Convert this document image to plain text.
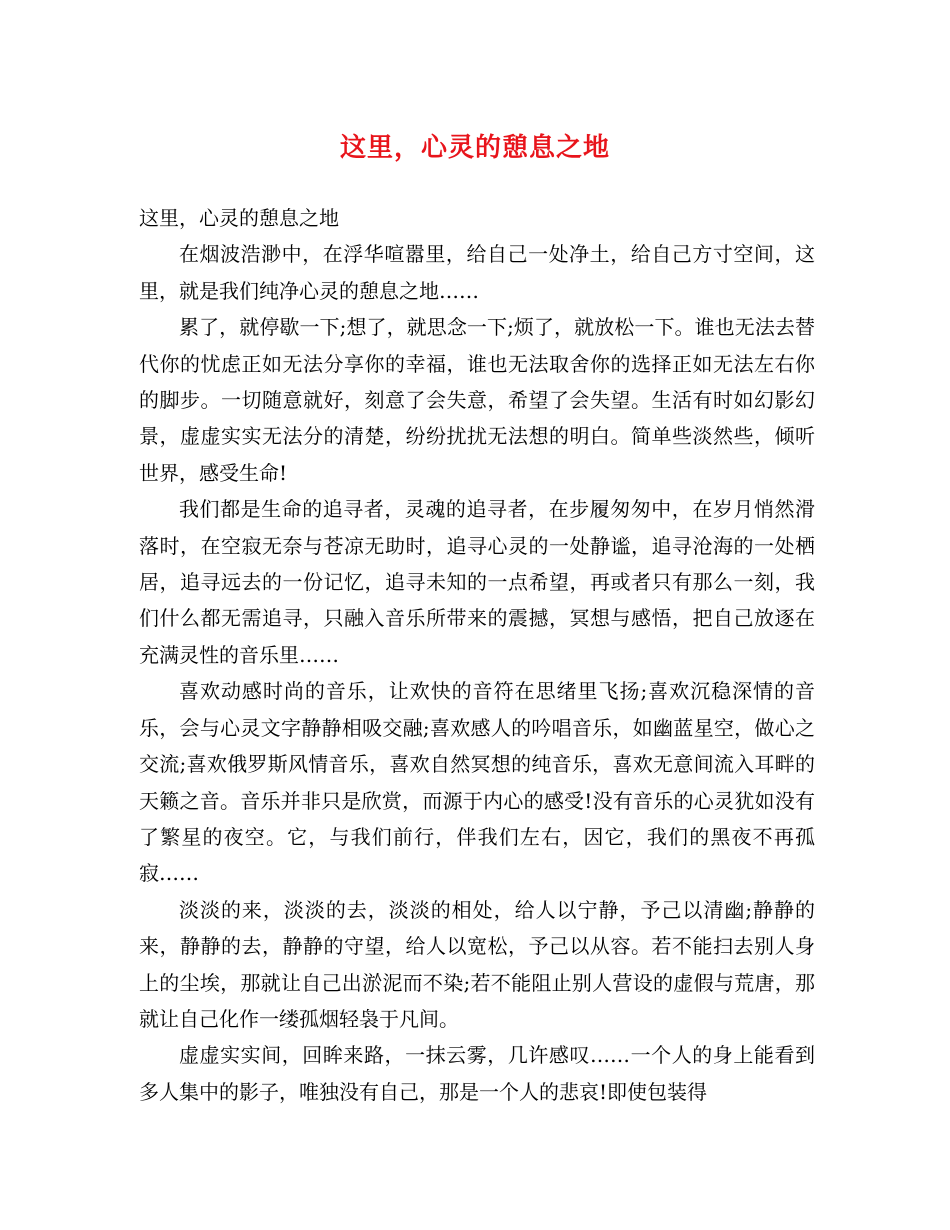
这里，心灵的憩息之地

这里，心灵的憩息之地

在烟波浩渺中，在浮华喧嚣里，给自己一处净土，给自己方寸空间，这里，就是我们纯净心灵的憩息之地……

累了，就停歇一下;想了，就思念一下;烦了，就放松一下。谁也无法去替代你的忧虑正如无法分享你的幸福，谁也无法取舍你的选择正如无法左右你的脚步。一切随意就好，刻意了会失意，希望了会失望。生活有时如幻影幻景，虚虚实实无法分的清楚，纷纷扰扰无法想的明白。简单些淡然些，倾听世界，感受生命!

我们都是生命的追寻者，灵魂的追寻者，在步履匆匆中，在岁月悄然滑落时，在空寂无奈与苍凉无助时，追寻心灵的一处静谧，追寻沧海的一处栖居，追寻远去的一份记忆，追寻未知的一点希望，再或者只有那么一刻，我们什么都无需追寻，只融入音乐所带来的震撼，冥想与感悟，把自己放逐在充满灵性的音乐里……

喜欢动感时尚的音乐，让欢快的音符在思绪里飞扬;喜欢沉稳深情的音乐，会与心灵文字静静相吸交融;喜欢感人的吟唱音乐，如幽蓝星空，做心之交流;喜欢俄罗斯风情音乐，喜欢自然冥想的纯音乐，喜欢无意间流入耳畔的天籁之音。音乐并非只是欣赏，而源于内心的感受!没有音乐的心灵犹如没有了繁星的夜空。它，与我们前行，伴我们左右，因它，我们的黑夜不再孤寂……

淡淡的来，淡淡的去，淡淡的相处，给人以宁静，予己以清幽;静静的来，静静的去，静静的守望，给人以宽松，予己以从容。若不能扫去别人身上的尘埃，那就让自己出淤泥而不染;若不能阻止别人营设的虚假与荒唐，那就让自己化作一缕孤烟轻袅于凡间。

虚虚实实间，回眸来路，一抹云雾，几许感叹……一个人的身上能看到多人集中的影子，唯独没有自己，那是一个人的悲哀!即使包装得
